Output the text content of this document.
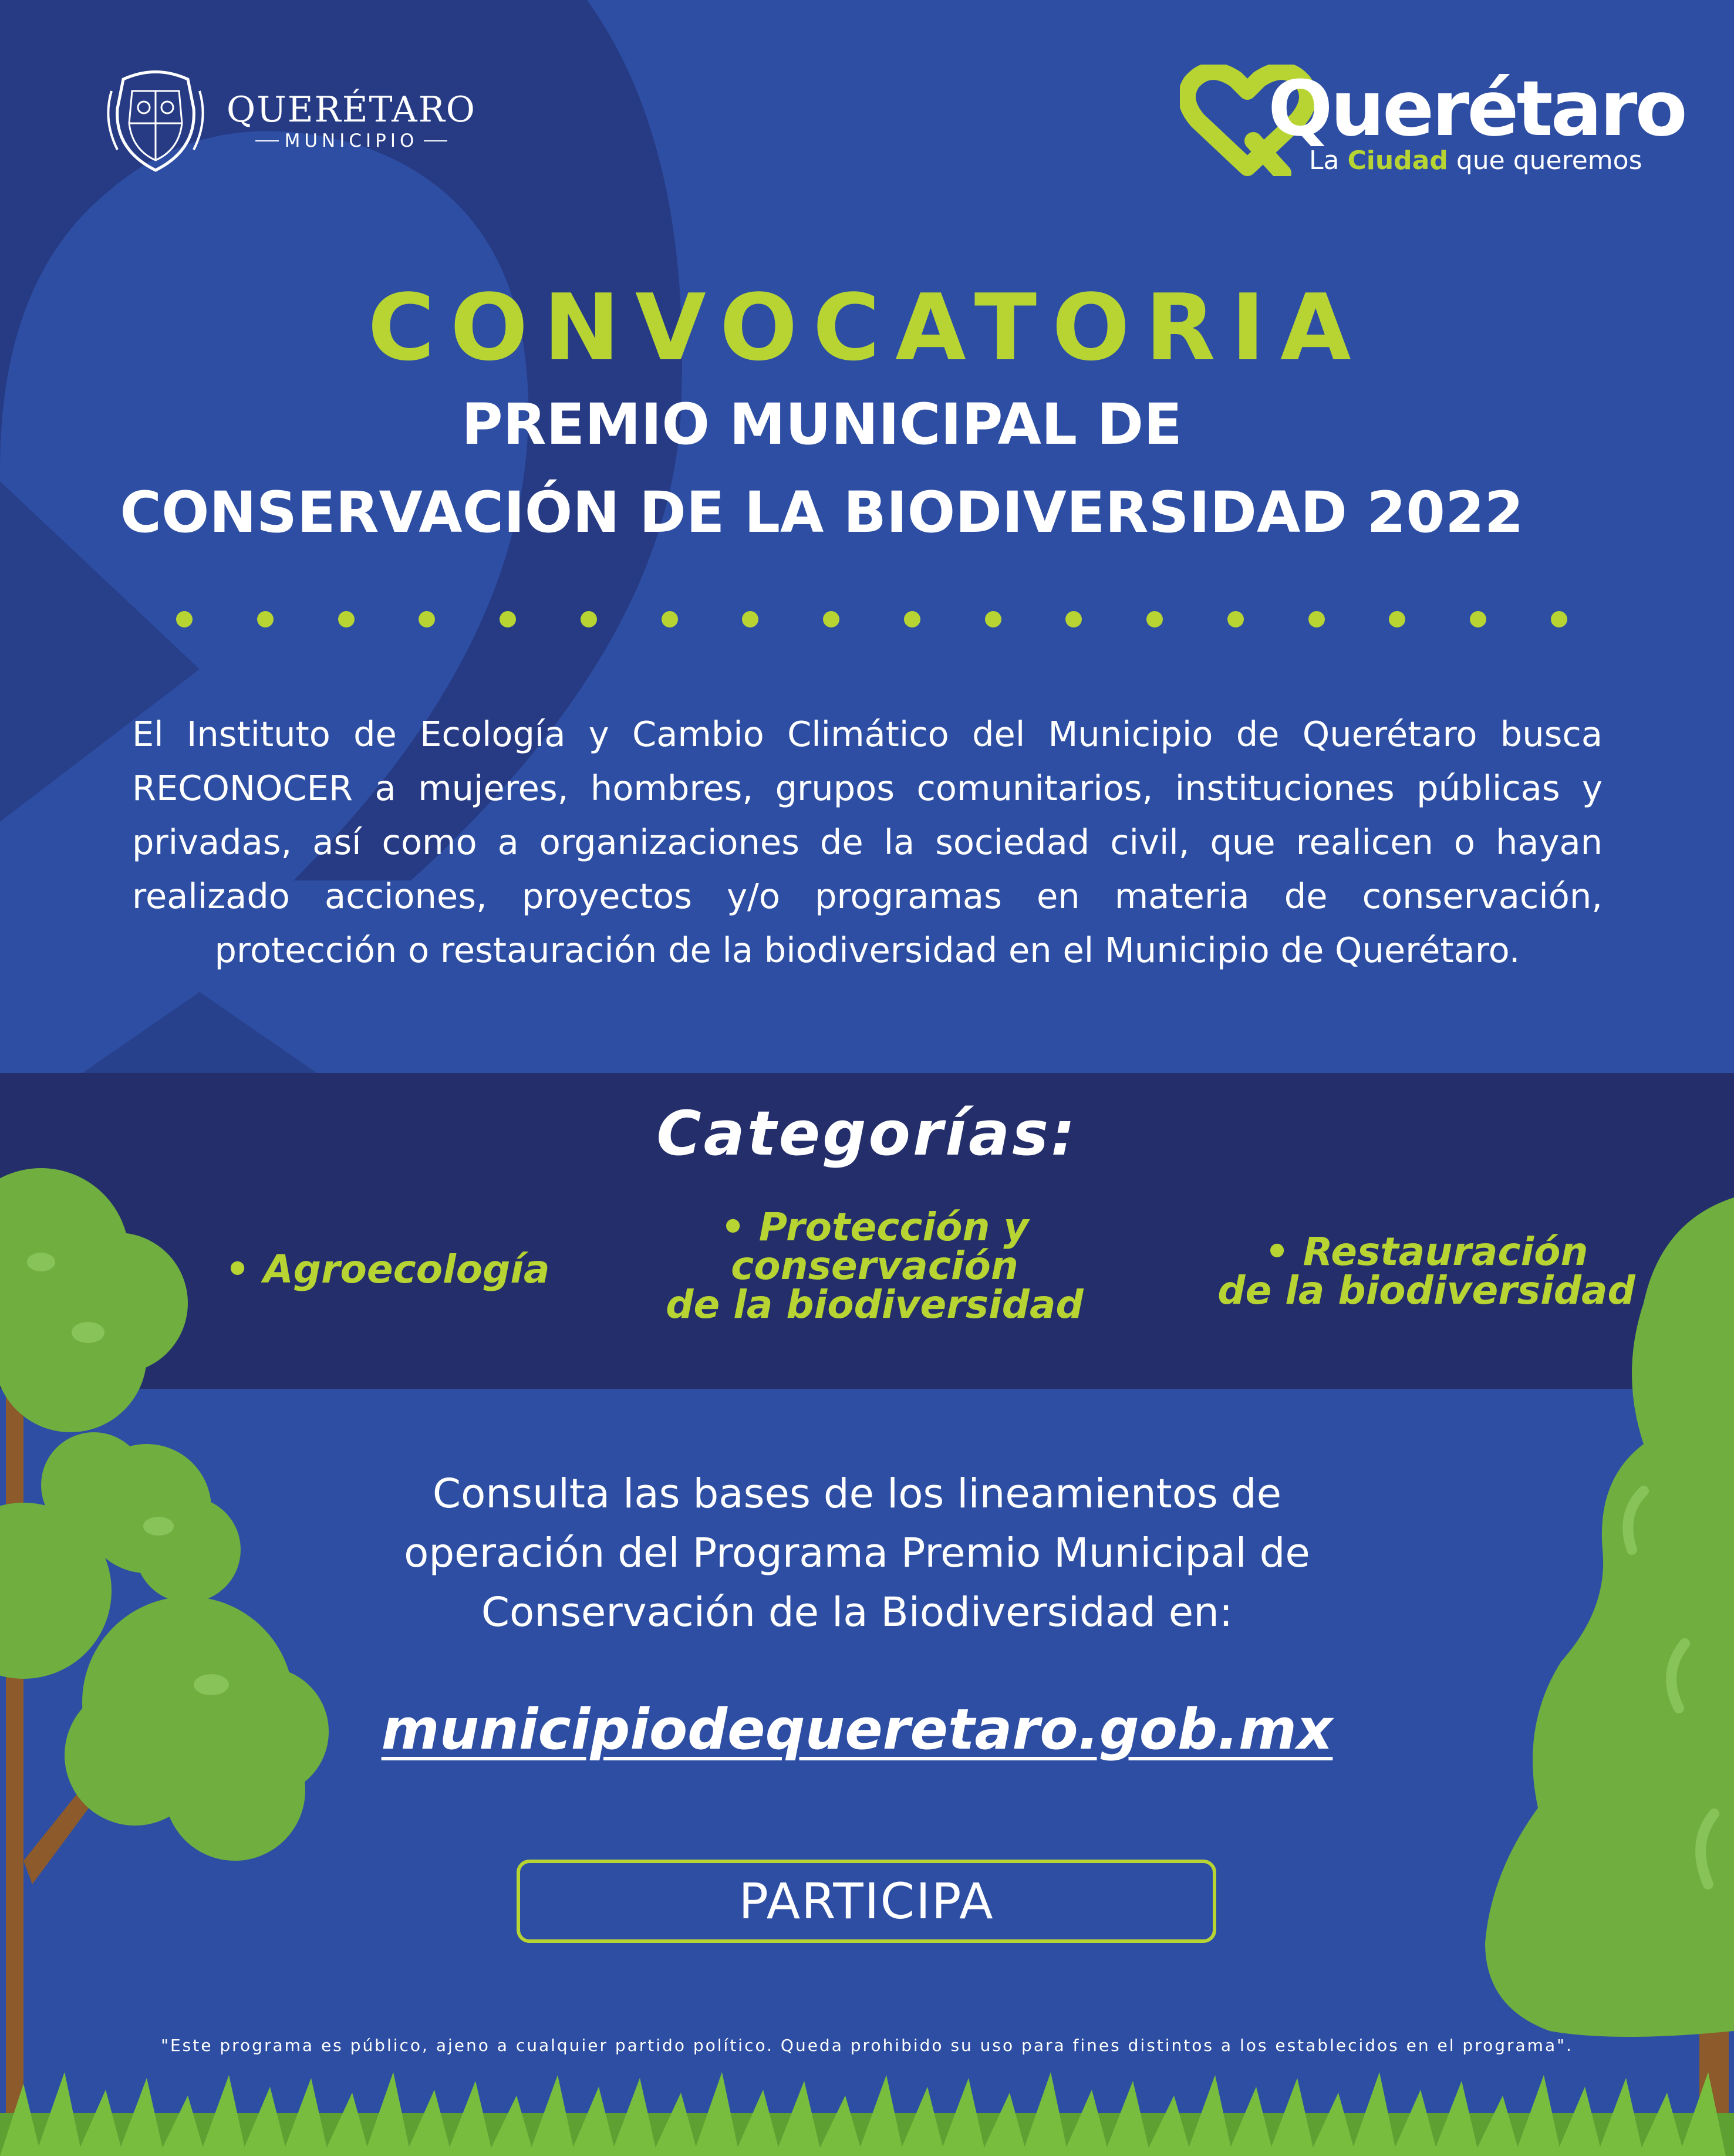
QUERÉTARO
MUNICIPIO	Querétaro
La Ciudad que queremos
CONVOCATORIA
PREMIO MUNICIPAL DE
CONSERVACIÓN DE LA BIODIVERSIDAD 2022
El Instituto de Ecología y Cambio Climático del Municipio de Querétaro busca RECONOCER a mujeres, hombres, grupos comunitarios, instituciones públicas y privadas, así como a organizaciones de la sociedad civil, que realicen o hayan realizado acciones, proyectos y/o programas en materia de conservación, protección o restauración de la biodiversidad en el Municipio de Querétaro.
Categorías:
• Agroecología
• Protección y
conservación
de la biodiversidad
• Restauración
de la biodiversidad
Consulta las bases de los lineamientos de
operación del Programa Premio Municipal de
Conservación de la Biodiversidad en:
municipiodequeretaro.gob.mx
PARTICIPA
"Este programa es público, ajeno a cualquier partido político. Queda prohibido su uso para fines distintos a los establecidos en el programa".
